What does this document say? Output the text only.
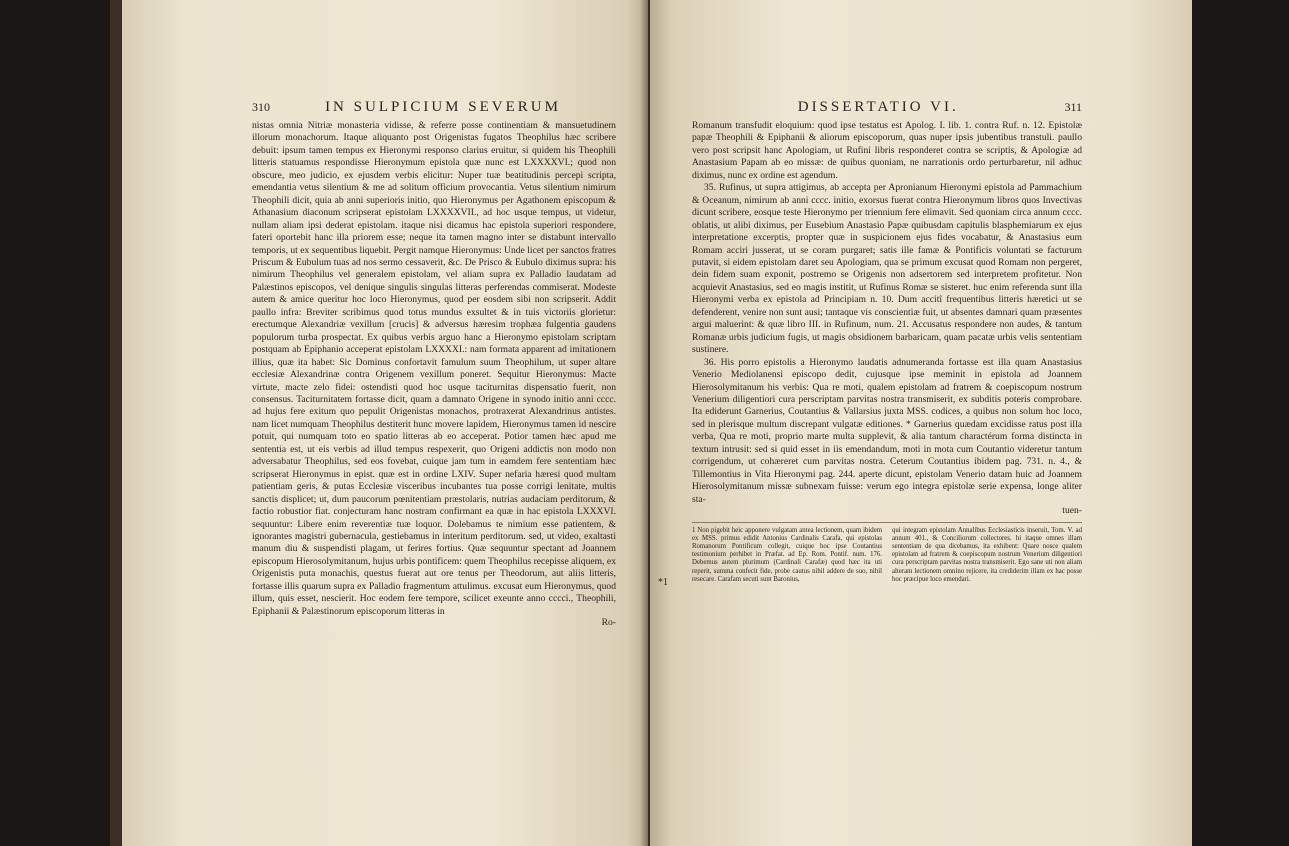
310	IN SULPICIUM SEVERUM

nistas omnia Nitriæ monasteria vidisse, & referre posse continentiam & mansuetudinem illorum monachorum. Itaque aliquanto post Origenistas fugatos Theophilus hæc scribere debuit: ipsum tamen tempus ex Hieronymi responso clarius eruitur, si quidem his Theophili litteris statuamus respondisse Hieronymum epistola quæ nunc est LXXXXVI.; quod non obscure, meo judicio, ex ejusdem verbis elicitur: Nuper tuæ beatitudinis percepi scripta, emendantia vetus silentium & me ad solitum officium provocantia. Vetus silentium nimirum Theophili dicit, quia ab anni superioris initio, quo Hieronymus per Agathonem episcopum & Athanasium diaconum scripserat epistolam LXXXXVII., ad hoc usque tempus, ut videtur, nullam aliam ipsi dederat epistolam. itaque nisi dicamus hac epistola superiori respondere, fateri oportebit hanc illa priorem esse; neque ita tamen magno inter se distabunt intervallo temporis, ut ex sequentibus liquebit. Pergit namque Hieronymus: Unde licet per sanctos fratres Priscum & Eubulum tuas ad nos sermo cessaverit, &c. De Prisco & Eubulo diximus supra: his nimirum Theophilus vel generalem epistolam, vel aliam supra ex Palladio laudatam ad Palæstinos episcopos, vel denique singulis singulas litteras perferendas commiserat. Modeste autem & amice queritur hoc loco Hieronymus, quod per eosdem sibi non scripserit. Addit paullo infra: Breviter scribimus quod totus mundus exsultet & in tuis victoriis glorietur: erectumque Alexandriæ vexillum [crucis] & adversus hæresim trophæa fulgentia gaudens populorum turba prospectat. Ex quibus verbis arguo hanc a Hieronymo epistolam scriptam postquam ab Epiphanio acceperat epistolam LXXXXI.: nam formata apparent ad imitationem illius, quæ ita habet: Sic Dominus confortavit famulum suum Theophilum, ut super altare ecclesiæ Alexandrinæ contra Origenem vexillum poneret. Sequitur Hieronymus: Macte virtute, macte zelo fidei: ostendisti quod hoc usque taciturnitas dispensatio fuerit, non consensus. Taciturnitatem fortasse dicit, quam a damnato Origene in synodo initio anni cccc. ad hujus fere exitum quo pepulit Origenistas monachos, protraxerat Alexandrinus antistes. nam licet numquam Theophilus destiterit hunc movere lapidem, Hieronymus tamen id nescire potuit, qui numquam toto eo spatio litteras ab eo acceperat. Potior tamen hæc apud me sententia est, ut eis verbis ad illud tempus respexerit, quo Origeni addictis non modo non adversabatur Theophilus, sed eos fovebat, cuique jam tum in eamdem fere sententiam hæc scripserat Hieronymus in epist. quæ est in ordine LXIV. Super nefaria hæresi quod multam patientiam geris, & putas Ecclesiæ visceribus incubantes tua posse corrigi lenitate, multis sanctis displicet; ut, dum paucorum pœnitentiam præstolaris, nutrias audaciam perditorum, & factio robustior fiat. conjecturam hanc nostram confirmant ea quæ in hac epistola LXXXVI. sequuntur: Libere enim reverentiæ tuæ loquor. Dolebamus te nimium esse patientem, & ignorantes magistri gubernacula, gestiebamus in interitum perditorum. sed, ut video, exaltasti manum diu & suspendisti plagam, ut ferires fortius. Quæ sequuntur spectant ad Joannem episcopum Hierosolymitanum, hujus urbis pontificem: quem Theophilus recepisse aliquem, ex Origenistis puta monachis, questus fuerat aut ore tenus per Theodorum, aut aliis litteris, fortasse illis quarum supra ex Palladio fragmentum attulimus. excusat eum Hieronymus, quod illum, quis esset, nescierit. Hoc eodem fere tempore, scilicet exeunte anno cccci., Theophili, Epiphanii & Palæstinorum episcoporum litteras in

Ro-
DISSERTATIO VI.	311

Romanum transfudit eloquium: quod ipse testatus est Apolog. I. lib. 1. contra Ruf. n. 12. Epistolæ papæ Theophili & Epiphanii & aliorum episcoporum, quas nuper ipsis jubentibus transtuli. paullo vero post scripsit hanc Apologiam, ut Rufini libris responderet contra se scriptis, & Apologiæ ad Anastasium Papam ab eo missæ: de quibus quoniam, ne narrationis ordo perturbaretur, nil adhuc diximus, nunc ex ordine est agendum.

35. Rufinus, ut supra attigimus, ab accepta per Apronianum Hieronymi epistola ad Pammachium & Oceanum, nimirum ab anni cccc. initio, exorsus fuerat contra Hieronymum libros quos Invectivas dicunt scribere, eosque teste Hieronymo per triennium fere elimavit. Sed quoniam circa annum cccc. oblatis, ut alibi diximus, per Eusebium Anastasio Papæ quibusdam capitulis blasphemiarum ex ejus interpretatione excerptis, propter quæ in suspicionem ejus fides vocabatur, & Anastasius eum Romam acciri jusserat, ut se coram purgaret; satis ille famæ & Pontificis voluntati se facturum putavit, si eidem epistolam daret seu Apologiam, qua se primum excusat quod Romam non pergeret, dein fidem suam exponit, postremo se Origenis non adsertorem sed interpretem profitetur. Non acquievit Anastasius, sed eo magis institit, ut Rufinus Romæ se sisteret. huc enim referenda sunt illa Hieronymi verba ex epistola ad Principiam n. 10. Dum accitî frequentibus litteris hæretici ut se defenderent, venire non sunt ausi; tantaque vis conscientiæ fuit, ut absentes damnari quam præsentes argui maluerint: & quæ libro III. in Rufinum, num. 21. Accusatus respondere non audes, & tantum Romanæ urbis judicium fugis, ut magis obsidionem barbaricam, quam pacatæ urbis velis sententiam sustinere.

36. His porro epistolis a Hieronymo laudatis adnumeranda fortasse est illa quam Anastasius Venerio Mediolanensi episcopo dedit, cujusque ipse meminit in epistola ad Joannem Hierosolymitanum his verbis: Qua re moti, qualem epistolam ad fratrem & coepiscopum nostrum Venerium diligentiori cura perscriptam parvitas nostra transmiserit, ex subditis poteris comprobare. Ita ediderunt Garnerius, Coutantius & Vallarsius juxta MSS. codices, a quibus non solum hoc loco, sed in plerisque multum discrepant vulgatæ editiones. * Garnerius quædam excidisse ratus post illa verba, Qua re moti, proprio marte multa supplevit, & alia tantum charactérum forma distincta in textum intrusit: sed si quid esset in iis emendandum, moti in mota cum Coutantio videretur tantum corrigendum, ut cohæreret cum parvitas nostra. Ceterum Coutantius ibidem pag. 731. n. 4., & Tillemontius in Vita Hieronymi pag. 244. aperte dicunt, epistolam Venerio datam huic ad Joannem Hierosolymitanum missæ subnexam fuisse: verum ego integra epistolæ serie expensa, longe aliter sta-

tuen-
1 Non pigebit heic apponere vulgatam antea lectionem, quam ibidem ex MSS. primus edidit Antonius Cardinalis Carafa, qui epistolas Romanorum Pontificum collegit, cuique hoc ipse Coutantius testimonium perhibet in Præfat. ad Ep. Rom. Pontif. num. 176. Debemus autem plurimum (Cardinali Carafæ) quod hæc ita uti reperit, summa confecit fide, probe cautus nihil addere de suo, nihil resecare. Carafam secuti sunt Baronius,
qui integram epistolam Annalibus Ecclesiasticis inseruit, Tom. V. ad annum 401., & Conciliorum collectores. hi itaque omnes illam sententiam de qua dicebamus, ita exhibent: Quare nosce qualem epistolam ad fratrem & coepiscopum nostrum Venerium diligentiori cura perscriptam parvitas nostra transmiserit. Ego sane uti non aliam alteram lectionem omnino rejicere, ita crediderim illam ex hac posse hoc præcipue loco emendari.
*1
